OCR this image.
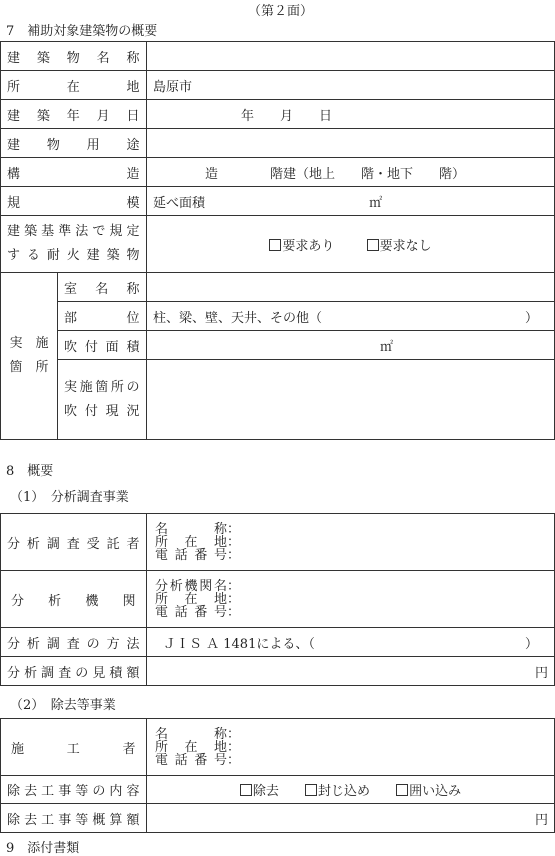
（第２面）
7　補助対象建築物の概要
建築物名称		
所在地		島原市
建築年月日		年　　月　　日
建物用途		
構造		造　　　　階建（地上　　階・地下　　階）
規模		延べ面積 ㎡

建築基準法で規定
する耐火建築物		要求あり 要求なし

実　施
箇　所	室名称	
	部位	柱、梁、壁、天井、その他（ ）

	吹付面積	㎡

	実施箇所の
吹付現況	

8　概要
（1）　分析調査事業
分析調査受託者	名称：
所在地：
電話番号：

分析機関	分析機関名：
所在地：
電話番号：

分析調査の方法	ＪＩＳ Ａ 1481による、（ ）

分析調査の見積額	円
（2）　除去等事業
施工者	名称：
所在地：
電話番号：

除去工事等の内容	除去 封じ込め 囲い込み
除去工事等概算額	円
9　添付書類
